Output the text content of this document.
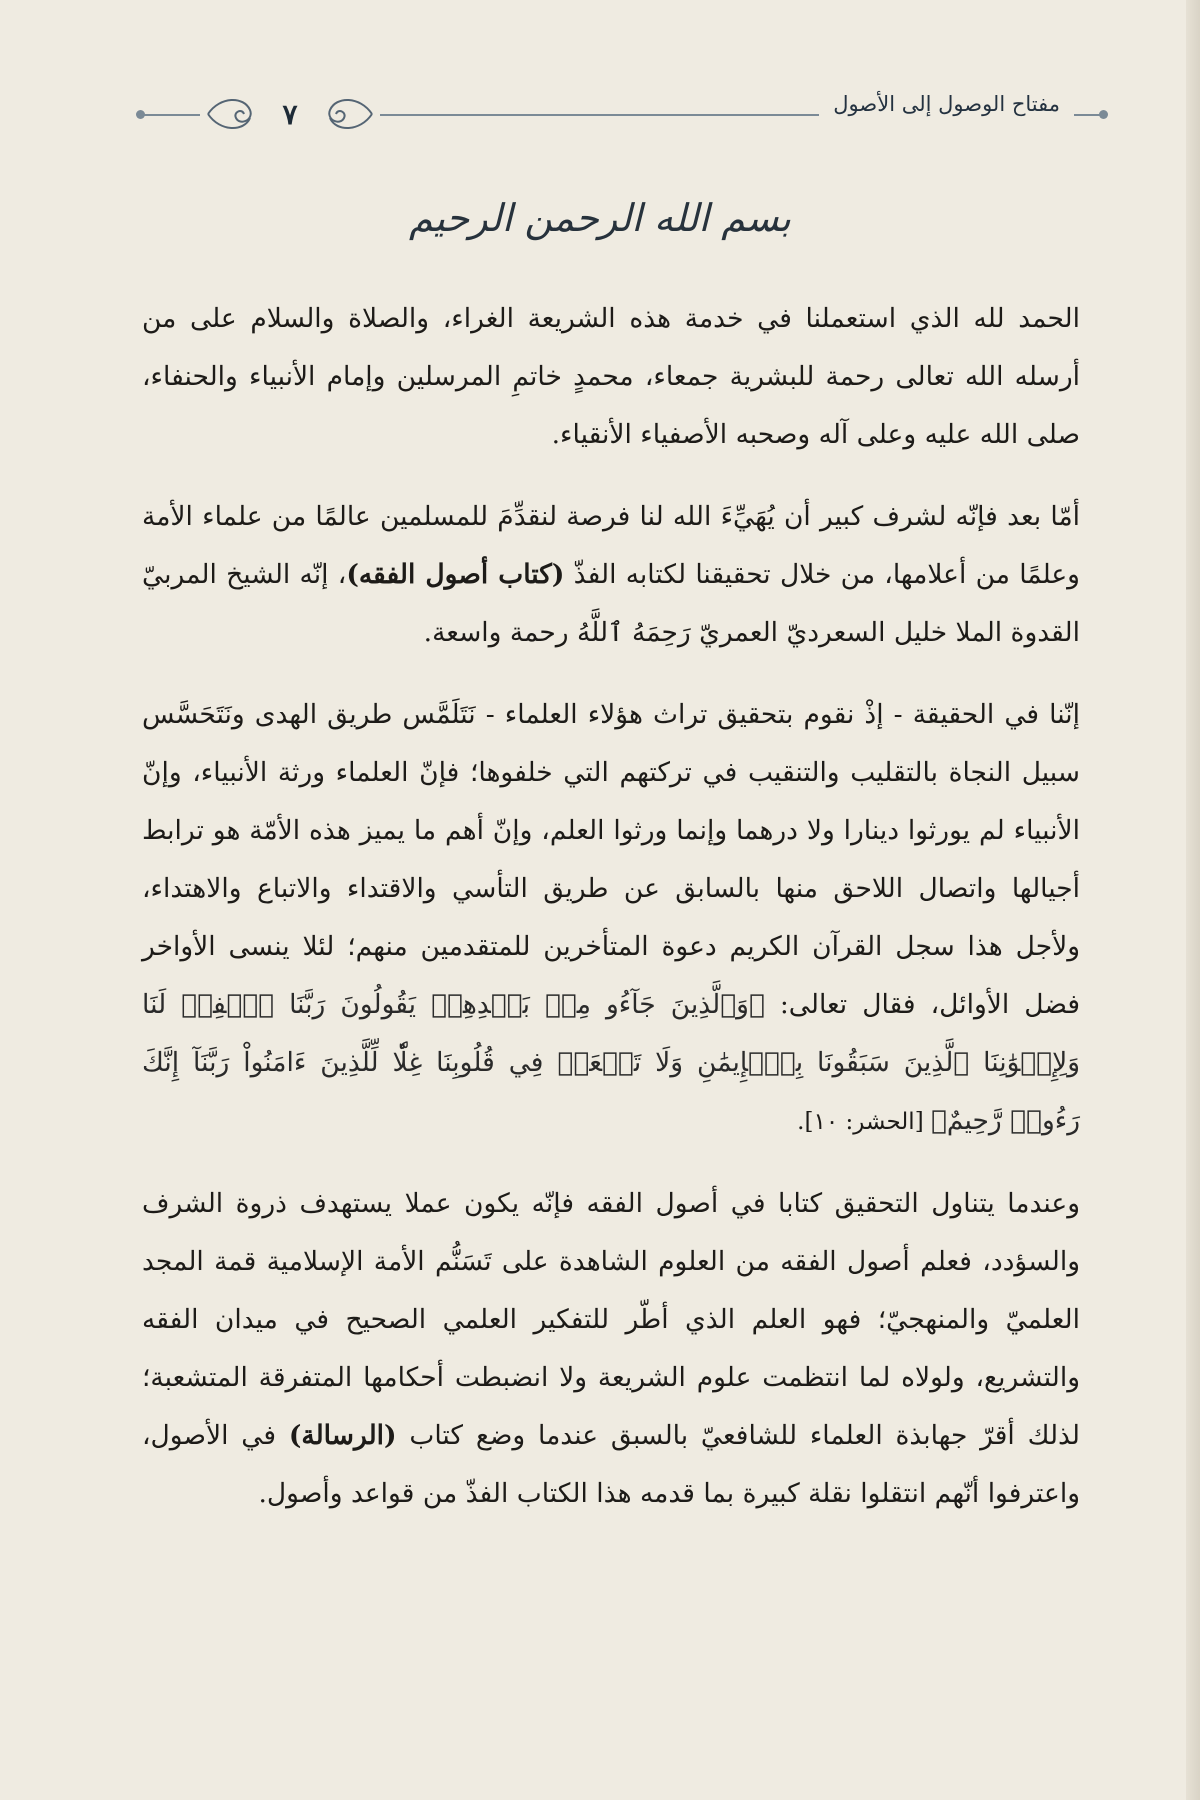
مفتاح الوصول إلى الأصول
٧
بسم الله الرحمن الرحيم

الحمد لله الذي استعملنا في خدمة هذه الشريعة الغراء، والصلاة والسلام على من أرسله الله تعالى رحمة للبشرية جمعاء، محمدٍ خاتمِ المرسلين وإمام الأنبياء والحنفاء، صلى الله عليه وعلى آله وصحبه الأصفياء الأنقياء.

أمّا بعد فإنّه لشرف كبير أن يُهَيِّءَ الله لنا فرصة لنقدِّمَ للمسلمين عالمًا من علماء الأمة وعلمًا من أعلامها، من خلال تحقيقنا لكتابه الفذّ (كتاب أصول الفقه)، إنّه الشيخ المربيّ القدوة الملا خليل السعرديّ العمريّ رَحِمَهُ ٱللَّهُ رحمة واسعة.

إنّنا في الحقيقة - إذْ نقوم بتحقيق تراث هؤلاء العلماء - نَتَلَمَّس طريق الهدى ونَتَحَسَّس سبيل النجاة بالتقليب والتنقيب في تركتهم التي خلفوها؛ فإنّ العلماء ورثة الأنبياء، وإنّ الأنبياء لم يورثوا دينارا ولا درهما وإنما ورثوا العلم، وإنّ أهم ما يميز هذه الأمّة هو ترابط أجيالها واتصال اللاحق منها بالسابق عن طريق التأسي والاقتداء والاتباع والاهتداء، ولأجل هذا سجل القرآن الكريم دعوة المتأخرين للمتقدمين منهم؛ لئلا ينسى الأواخر فضل الأوائل، فقال تعالى: ﴿وَٱلَّذِينَ جَآءُو مِنۢ بَعۡدِهِمۡ يَقُولُونَ رَبَّنَا ٱغۡفِرۡ لَنَا وَلِإِخۡوَٰنِنَا ٱلَّذِينَ سَبَقُونَا بِٱلۡإِيمَٰنِ وَلَا تَجۡعَلۡ فِي قُلُوبِنَا غِلّٗا لِّلَّذِينَ ءَامَنُواْ رَبَّنَآ إِنَّكَ رَءُوفٞ رَّحِيمٌ﴾ [الحشر: ١٠].

وعندما يتناول التحقيق كتابا في أصول الفقه فإنّه يكون عملا يستهدف ذروة الشرف والسؤدد، فعلم أصول الفقه من العلوم الشاهدة على تَسَنُّم الأمة الإسلامية قمة المجد العلميّ والمنهجيّ؛ فهو العلم الذي أطّر للتفكير العلمي الصحيح في ميدان الفقه والتشريع، ولولاه لما انتظمت علوم الشريعة ولا انضبطت أحكامها المتفرقة المتشعبة؛ لذلك أقرّ جهابذة العلماء للشافعيّ بالسبق عندما وضع كتاب (الرسالة) في الأصول، واعترفوا أنّهم انتقلوا نقلة كبيرة بما قدمه هذا الكتاب الفذّ من قواعد وأصول.
